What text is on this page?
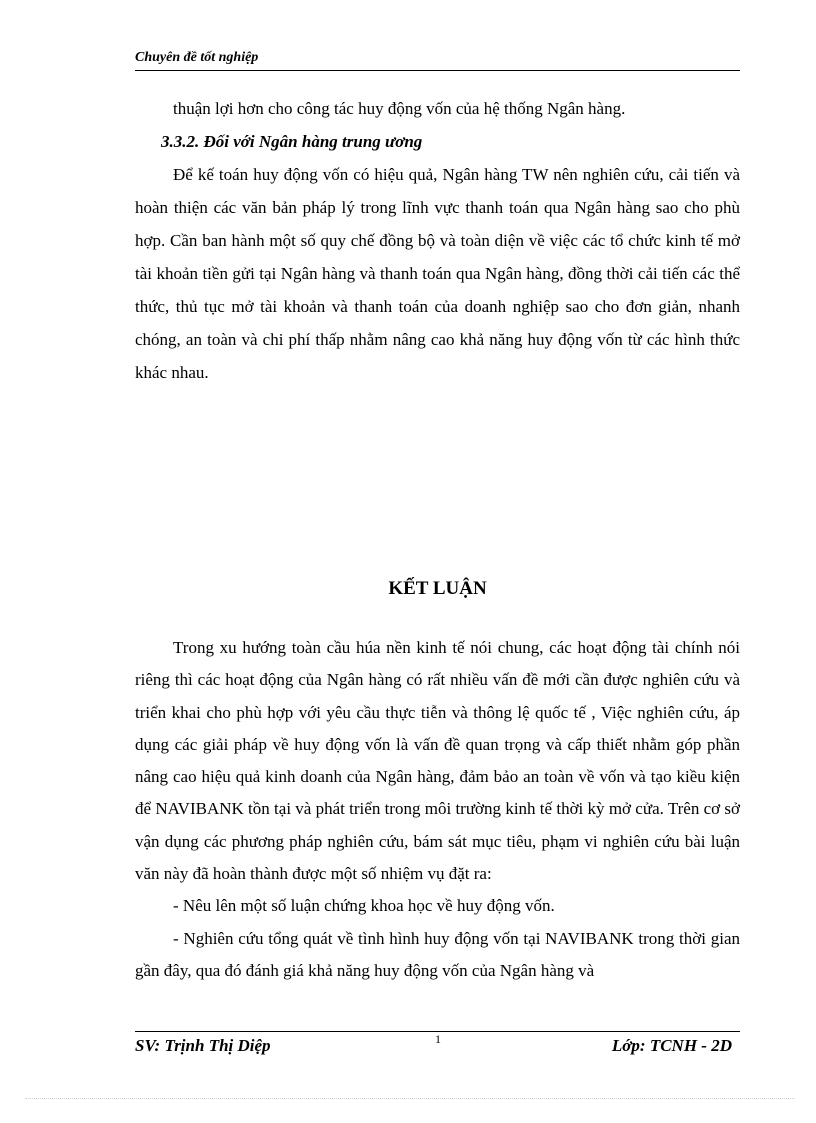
Chuyên đề tốt nghiệp

thuận lợi hơn cho công tác huy động vốn của hệ thống Ngân hàng.

3.3.2. Đối với Ngân hàng trung ương

Để kế toán huy động vốn có hiệu quả, Ngân hàng TW nên nghiên cứu, cải tiến và hoàn thiện các văn bản pháp lý trong lĩnh vực thanh toán qua Ngân hàng sao cho phù hợp. Cần ban hành một số quy chế đồng bộ và toàn diện về việc các tổ chức kinh tế mở tài khoản tiền gửi tại Ngân hàng và thanh toán qua Ngân hàng, đồng thời cải tiến các thể thức, thủ tục mở tài khoản và thanh toán của doanh nghiệp sao cho đơn giản, nhanh chóng, an toàn và chi phí thấp nhằm nâng cao khả năng huy động vốn từ các hình thức khác nhau.

KẾT LUẬN

Trong xu hướng toàn cầu húa nền kinh tế nói chung, các hoạt động tài chính nói riêng thì các hoạt động của Ngân hàng có rất nhiều vấn đề mới cần được nghiên cứu và triển khai cho phù hợp với yêu cầu thực tiễn và thông lệ quốc tế , Việc nghiên cứu, áp dụng các giải pháp về huy động vốn là vấn đề quan trọng và cấp thiết nhằm góp phần nâng cao hiệu quả kinh doanh của Ngân hàng, đảm bảo an toàn về vốn và tạo kiều kiện để NAVIBANK tồn tại và phát triển trong môi trường kinh tế thời kỳ mở cửa. Trên cơ sở vận dụng các phương pháp nghiên cứu, bám sát mục tiêu, phạm vi nghiên cứu bài luận văn này đã hoàn thành được một số nhiệm vụ đặt ra:

- Nêu lên một số luận chứng khoa học về huy động vốn.

- Nghiên cứu tổng quát về tình hình huy động vốn tại NAVIBANK trong thời gian gần đây, qua đó đánh giá khả năng huy động vốn của Ngân hàng và

SV: Trịnh Thị Diệp	1	Lớp: TCNH - 2D
